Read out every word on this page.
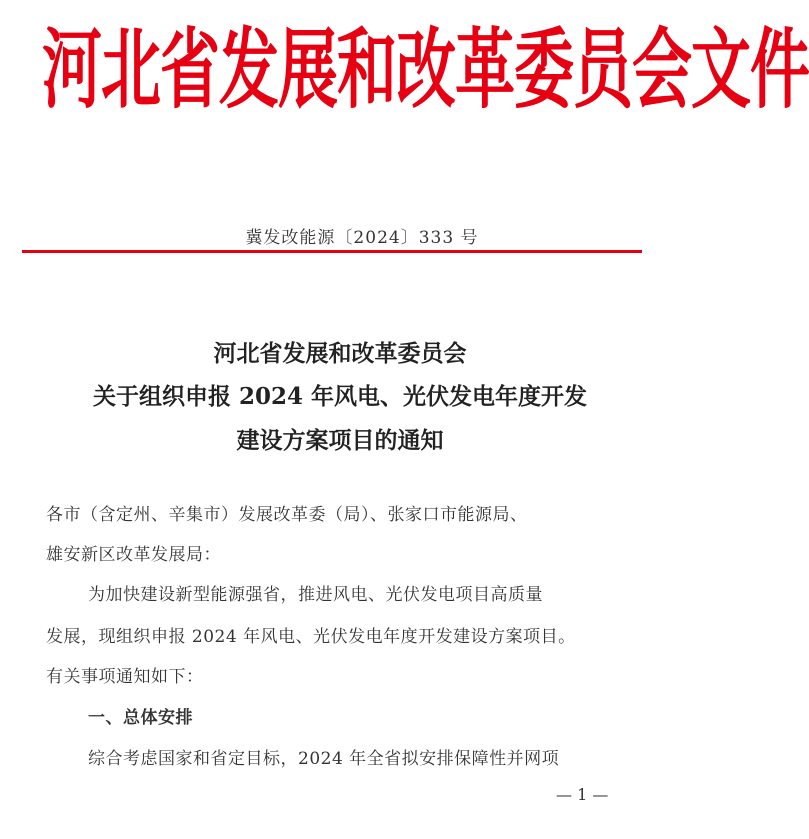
河北省发展和改革委员会文件
冀发改能源〔2024〕333 号
河北省发展和改革委员会
关于组织申报 2024 年风电、光伏发电年度开发
建设方案项目的通知
各市（含定州、辛集市）发展改革委（局）、张家口市能源局、
雄安新区改革发展局：
为加快建设新型能源强省，推进风电、光伏发电项目高质量
发展，现组织申报 2024 年风电、光伏发电年度开发建设方案项目。
有关事项通知如下：
一、总体安排
综合考虑国家和省定目标，2024 年全省拟安排保障性并网项
— 1 —
